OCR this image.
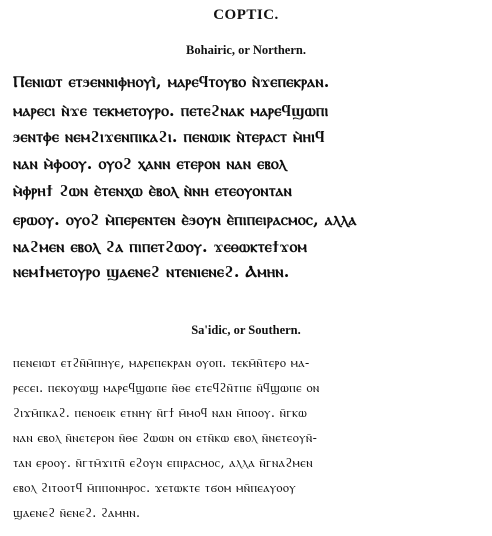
COPTIC.
Bohairic, or Northern.
Ⲡⲉⲛⲓⲱⲧ ⲉⲧϧⲉⲛⲛⲓⲫⲏⲟⲩⲓ̀, ⲙⲁⲣⲉϥⲧⲟⲩⲃⲟ ⲛ̀ϫⲉⲡⲉⲕⲣⲁⲛ.
ⲙⲁⲣⲉⲥⲓ ⲛ̀ϫⲉ ⲧⲉⲕⲙⲉⲧⲟⲩⲣⲟ. ⲡⲉⲧⲉϩⲛⲁⲕ ⲙⲁⲣⲉϥϣⲱⲡⲓ
ϧⲉⲛⲧⲫⲉ ⲛⲉⲙϩⲓϫⲉⲛⲡⲓⲕⲁϩⲓ. ⲡⲉⲛⲱⲓⲕ ⲛ̀ⲧⲉⲣⲁⲥⲧ ⲙ̀ⲏⲓϥ
ⲛⲁⲛ ⲙ̀ⲫⲟⲟⲩ. ⲟⲩⲟϩ ⲭⲁⲛⲛ ⲉⲧⲉⲣⲟⲛ ⲛⲁⲛ ⲉⲃⲟⲗ
ⲙ̀ⲫⲣⲏϯ ϩⲱⲛ ⲉ̀ⲧⲉⲛⲭⲱ ⲉ̀ⲃⲟⲗ ⲛ̀ⲛⲏ ⲉⲧⲉⲟⲩⲟⲛⲧⲁⲛ
ⲉⲣⲱⲟⲩ. ⲟⲩⲟϩ ⲙ̀ⲡⲉⲣⲉⲛⲧⲉⲛ ⲉ̀ϧⲟⲩⲛ ⲉ̀ⲡⲓⲡⲉⲓⲣⲁⲥⲙⲟⲥ, ⲁⲗⲗⲁ
ⲛⲁϩⲙⲉⲛ ⲉⲃⲟⲗ ϩⲁ ⲡⲓⲡⲉⲧϩⲱⲟⲩ. ϫⲉⲑⲱⲕⲧⲉϯϫⲟⲙ
ⲛⲉⲙϯⲙⲉⲧⲟⲩⲣⲟ ϣⲁⲉⲛⲉϩ ⲛⲧⲉⲛⲓⲉⲛⲉϩ. Ⲁⲙⲏⲛ.
Sa'idic, or Southern.
ⲡⲉⲛⲉⲓⲱⲧ ⲉⲧϩⲛ̄ⲙ̄ⲡⲏⲩⲉ, ⲙⲁⲣⲉⲡⲉⲕⲣⲁⲛ ⲟⲩⲟⲡ. ⲧⲉⲕⲙ̄ⲛ̄ⲧⲉⲣⲟ ⲙⲁ-
ⲣⲉⲥⲉⲓ. ⲡⲉⲕⲟⲩⲱϣ ⲙⲁⲣⲉϥϣⲱⲡⲉ ⲛ̄ⲑⲉ ⲉⲧⲉϥϩⲛ̄ⲧⲡⲉ ⲛ̄ϥϣⲱⲡⲉ ⲟⲛ
ϩⲓϫⲙ̄ⲡⲕⲁϩ. ⲡⲉⲛⲟⲉⲓⲕ ⲉⲧⲛⲏⲩ ⲛ̄ⲅϯ ⲙ̄ⲙⲟϥ ⲛⲁⲛ ⲙ̄ⲡⲟⲟⲩ. ⲛ̄ⲅⲕⲱ
ⲛⲁⲛ ⲉⲃⲟⲗ ⲛ̄ⲛⲉⲧⲉⲣⲟⲛ ⲛ̄ⲑⲉ ϩⲱⲱⲛ ⲟⲛ ⲉⲧⲛ̄ⲕⲱ ⲉⲃⲟⲗ ⲛ̄ⲛⲉⲧⲉⲟⲩⲛ̄-
ⲧⲁⲛ ⲉⲣⲟⲟⲩ. ⲛ̄ⲅⲧⲙ̄ϫⲓⲧⲛ̄ ⲉϩⲟⲩⲛ ⲉⲡⲓⲣⲁⲥⲙⲟⲥ, ⲁⲗⲗⲁ ⲛ̄ⲅⲛⲁϩⲙⲉⲛ
ⲉⲃⲟⲗ ϩⲓⲧⲟⲟⲧϥ ⲙ̄ⲡⲡⲟⲛⲏⲣⲟⲥ. ϫⲉⲧⲱⲕⲧⲉ ⲧϭⲟⲙ ⲙⲛ̄ⲡⲉⲁⲩⲟⲟⲩ
ϣⲁⲉⲛⲉϩ ⲛ̄ⲉⲛⲉϩ. ϩⲁⲙⲏⲛ.
